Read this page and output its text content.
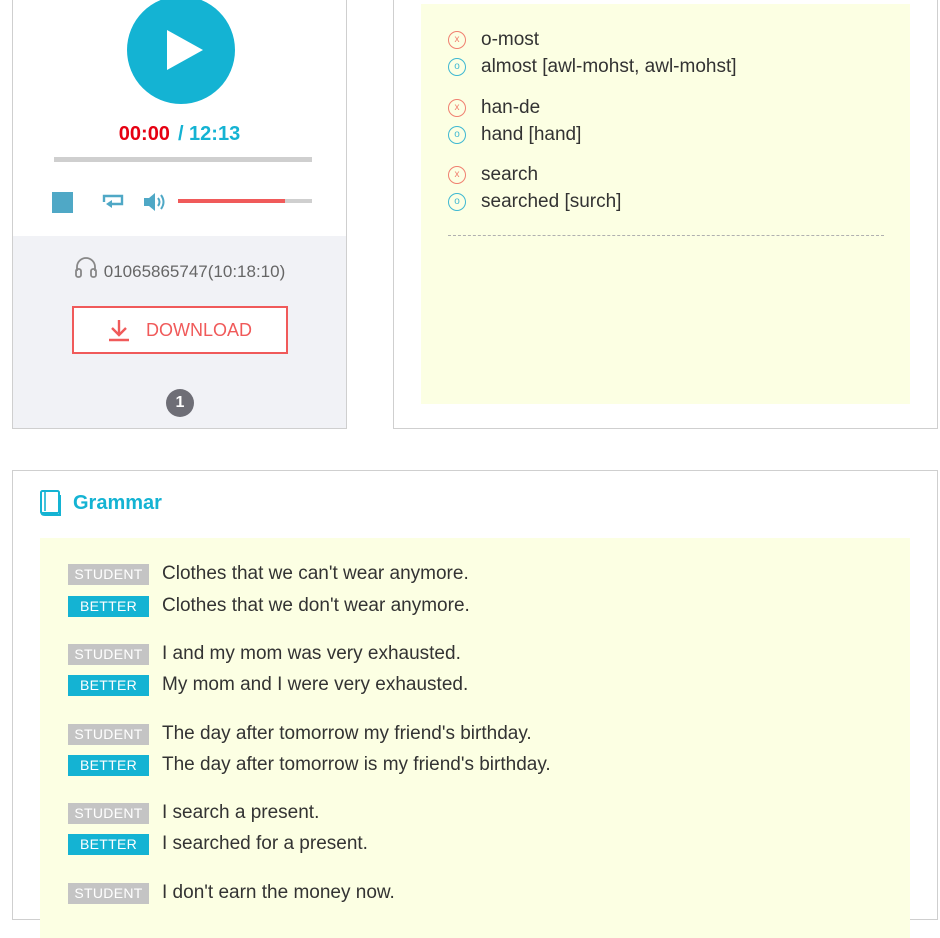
00:00 / 12:13
01065865747(10:18:10)
DOWNLOAD
1
x	o-most
o	almost [awl-mohst, awl-mohst]
x	han-de
o	hand [hand]
x	search
o	searched [surch]
Grammar
STUDENT	Clothes that we can't wear anymore.
BETTER	Clothes that we don't wear anymore.
STUDENT	I and my mom was very exhausted.
BETTER	My mom and I were very exhausted.
STUDENT	The day after tomorrow my friend's birthday.
BETTER	The day after tomorrow is my friend's birthday.
STUDENT	I search a present.
BETTER	I searched for a present.
STUDENT	I don't earn the money now.
